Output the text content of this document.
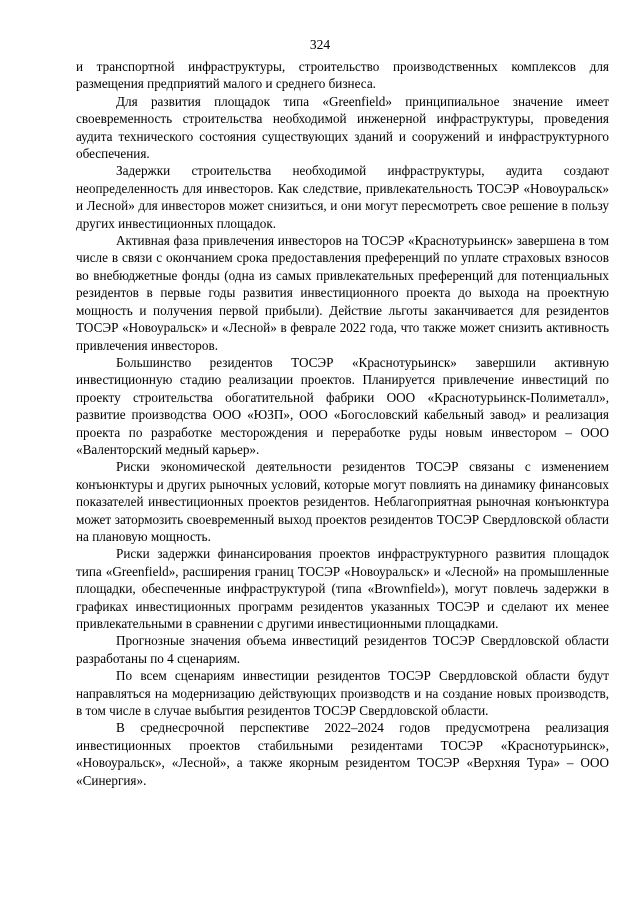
324

и транспортной инфраструктуры, строительство производственных комплексов для размещения предприятий малого и среднего бизнеса.

Для развития площадок типа «Greenfield» принципиальное значение имеет своевременность строительства необходимой инженерной инфраструктуры, проведения аудита технического состояния существующих зданий и сооружений и инфраструктурного обеспечения.

Задержки строительства необходимой инфраструктуры, аудита создают неопределенность для инвесторов. Как следствие, привлекательность ТОСЭР «Новоуральск» и Лесной» для инвесторов может снизиться, и они могут пересмотреть свое решение в пользу других инвестиционных площадок.

Активная фаза привлечения инвесторов на ТОСЭР «Краснотурьинск» завершена в том числе в связи с окончанием срока предоставления преференций по уплате страховых взносов во внебюджетные фонды (одна из самых привлекательных преференций для потенциальных резидентов в первые годы развития инвестиционного проекта до выхода на проектную мощность и получения первой прибыли). Действие льготы заканчивается для резидентов ТОСЭР «Новоуральск» и «Лесной» в феврале 2022 года, что также может снизить активность привлечения инвесторов.

Большинство резидентов ТОСЭР «Краснотурьинск» завершили активную инвестиционную стадию реализации проектов. Планируется привлечение инвестиций по проекту строительства обогатительной фабрики ООО «Краснотурьинск-Полиметалл», развитие производства ООО «ЮЗП», ООО «Богословский кабельный завод» и реализация проекта по разработке месторождения и переработке руды новым инвестором – ООО «Валенторский медный карьер».

Риски экономической деятельности резидентов ТОСЭР связаны с изменением конъюнктуры и других рыночных условий, которые могут повлиять на динамику финансовых показателей инвестиционных проектов резидентов. Неблагоприятная рыночная конъюнктура может затормозить своевременный выход проектов резидентов ТОСЭР Свердловской области на плановую мощность.

Риски задержки финансирования проектов инфраструктурного развития площадок типа «Greenfield», расширения границ ТОСЭР «Новоуральск» и «Лесной» на промышленные площадки, обеспеченные инфраструктурой (типа «Brownfield»), могут повлечь задержки в графиках инвестиционных программ резидентов указанных ТОСЭР и сделают их менее привлекательными в сравнении с другими инвестиционными площадками.

Прогнозные значения объема инвестиций резидентов ТОСЭР Свердловской области разработаны по 4 сценариям.

По всем сценариям инвестиции резидентов ТОСЭР Свердловской области будут направляться на модернизацию действующих производств и на создание новых производств, в том числе в случае выбытия резидентов ТОСЭР Свердловской области.

В среднесрочной перспективе 2022–2024 годов предусмотрена реализация инвестиционных проектов стабильными резидентами ТОСЭР «Краснотурьинск», «Новоуральск», «Лесной», а также якорным резидентом ТОСЭР «Верхняя Тура» – ООО «Синергия».
